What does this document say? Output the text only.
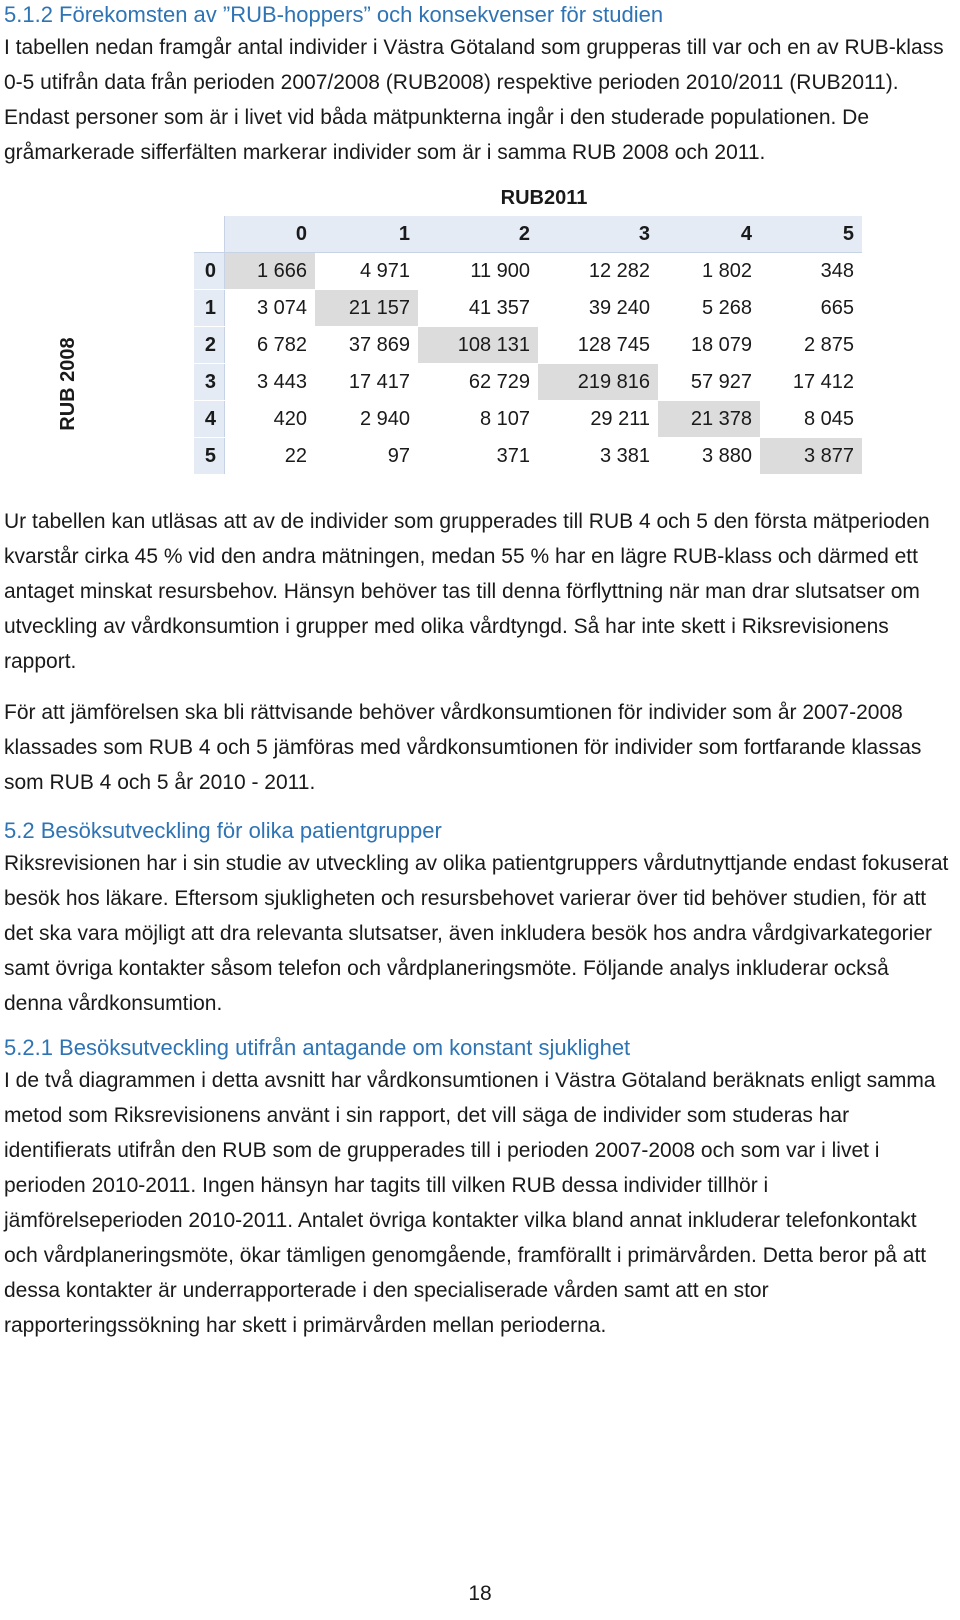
5.1.2 Förekomsten av ”RUB-hoppers” och konsekvenser för studien

I tabellen nedan framgår antal individer i Västra Götaland som grupperas till var och en av RUB-klass 0-5 utifrån data från perioden 2007/2008 (RUB2008) respektive perioden 2010/2011 (RUB2011). Endast personer som är i livet vid båda mätpunkterna ingår i den studerade populationen. De gråmarkerade sifferfälten markerar individer som är i samma RUB 2008 och 2011.

RUB2011
RUB 2008
	0	1	2	3	4	5
0	1 666	4 971	11 900	12 282	1 802	348
1	3 074	21 157	41 357	39 240	5 268	665
2	6 782	37 869	108 131	128 745	18 079	2 875
3	3 443	17 417	62 729	219 816	57 927	17 412
4	420	2 940	8 107	29 211	21 378	8 045
5	22	97	371	3 381	3 880	3 877

Ur tabellen kan utläsas att av de individer som grupperades till RUB 4 och 5 den första mätperioden kvarstår cirka 45 % vid den andra mätningen, medan 55 % har en lägre RUB-klass och därmed ett antaget minskat resursbehov. Hänsyn behöver tas till denna förflyttning när man drar slutsatser om utveckling av vårdkonsumtion i grupper med olika vårdtyngd. Så har inte skett i Riksrevisionens rapport.

För att jämförelsen ska bli rättvisande behöver vårdkonsumtionen för individer som år 2007-2008 klassades som RUB 4 och 5 jämföras med vårdkonsumtionen för individer som fortfarande klassas som RUB 4 och 5 år 2010 - 2011.

5.2 Besöksutveckling för olika patientgrupper

Riksrevisionen har i sin studie av utveckling av olika patientgruppers vårdutnyttjande endast fokuserat besök hos läkare. Eftersom sjukligheten och resursbehovet varierar över tid behöver studien, för att det ska vara möjligt att dra relevanta slutsatser, även inkludera besök hos andra vårdgivarkategorier samt övriga kontakter såsom telefon och vårdplaneringsmöte. Följande analys inkluderar också denna vårdkonsumtion.

5.2.1 Besöksutveckling utifrån antagande om konstant sjuklighet

I de två diagrammen i detta avsnitt har vårdkonsumtionen i Västra Götaland beräknats enligt samma metod som Riksrevisionens använt i sin rapport, det vill säga de individer som studeras har identifierats utifrån den RUB som de grupperades till i perioden 2007-2008 och som var i livet i perioden 2010-2011. Ingen hänsyn har tagits till vilken RUB dessa individer tillhör i jämförelseperioden 2010-2011. Antalet övriga kontakter vilka bland annat inkluderar telefonkontakt och vårdplaneringsmöte, ökar tämligen genomgående, framförallt i primärvården. Detta beror på att dessa kontakter är underrapporterade i den specialiserade vården samt att en stor rapporteringssökning har skett i primärvården mellan perioderna.

18
